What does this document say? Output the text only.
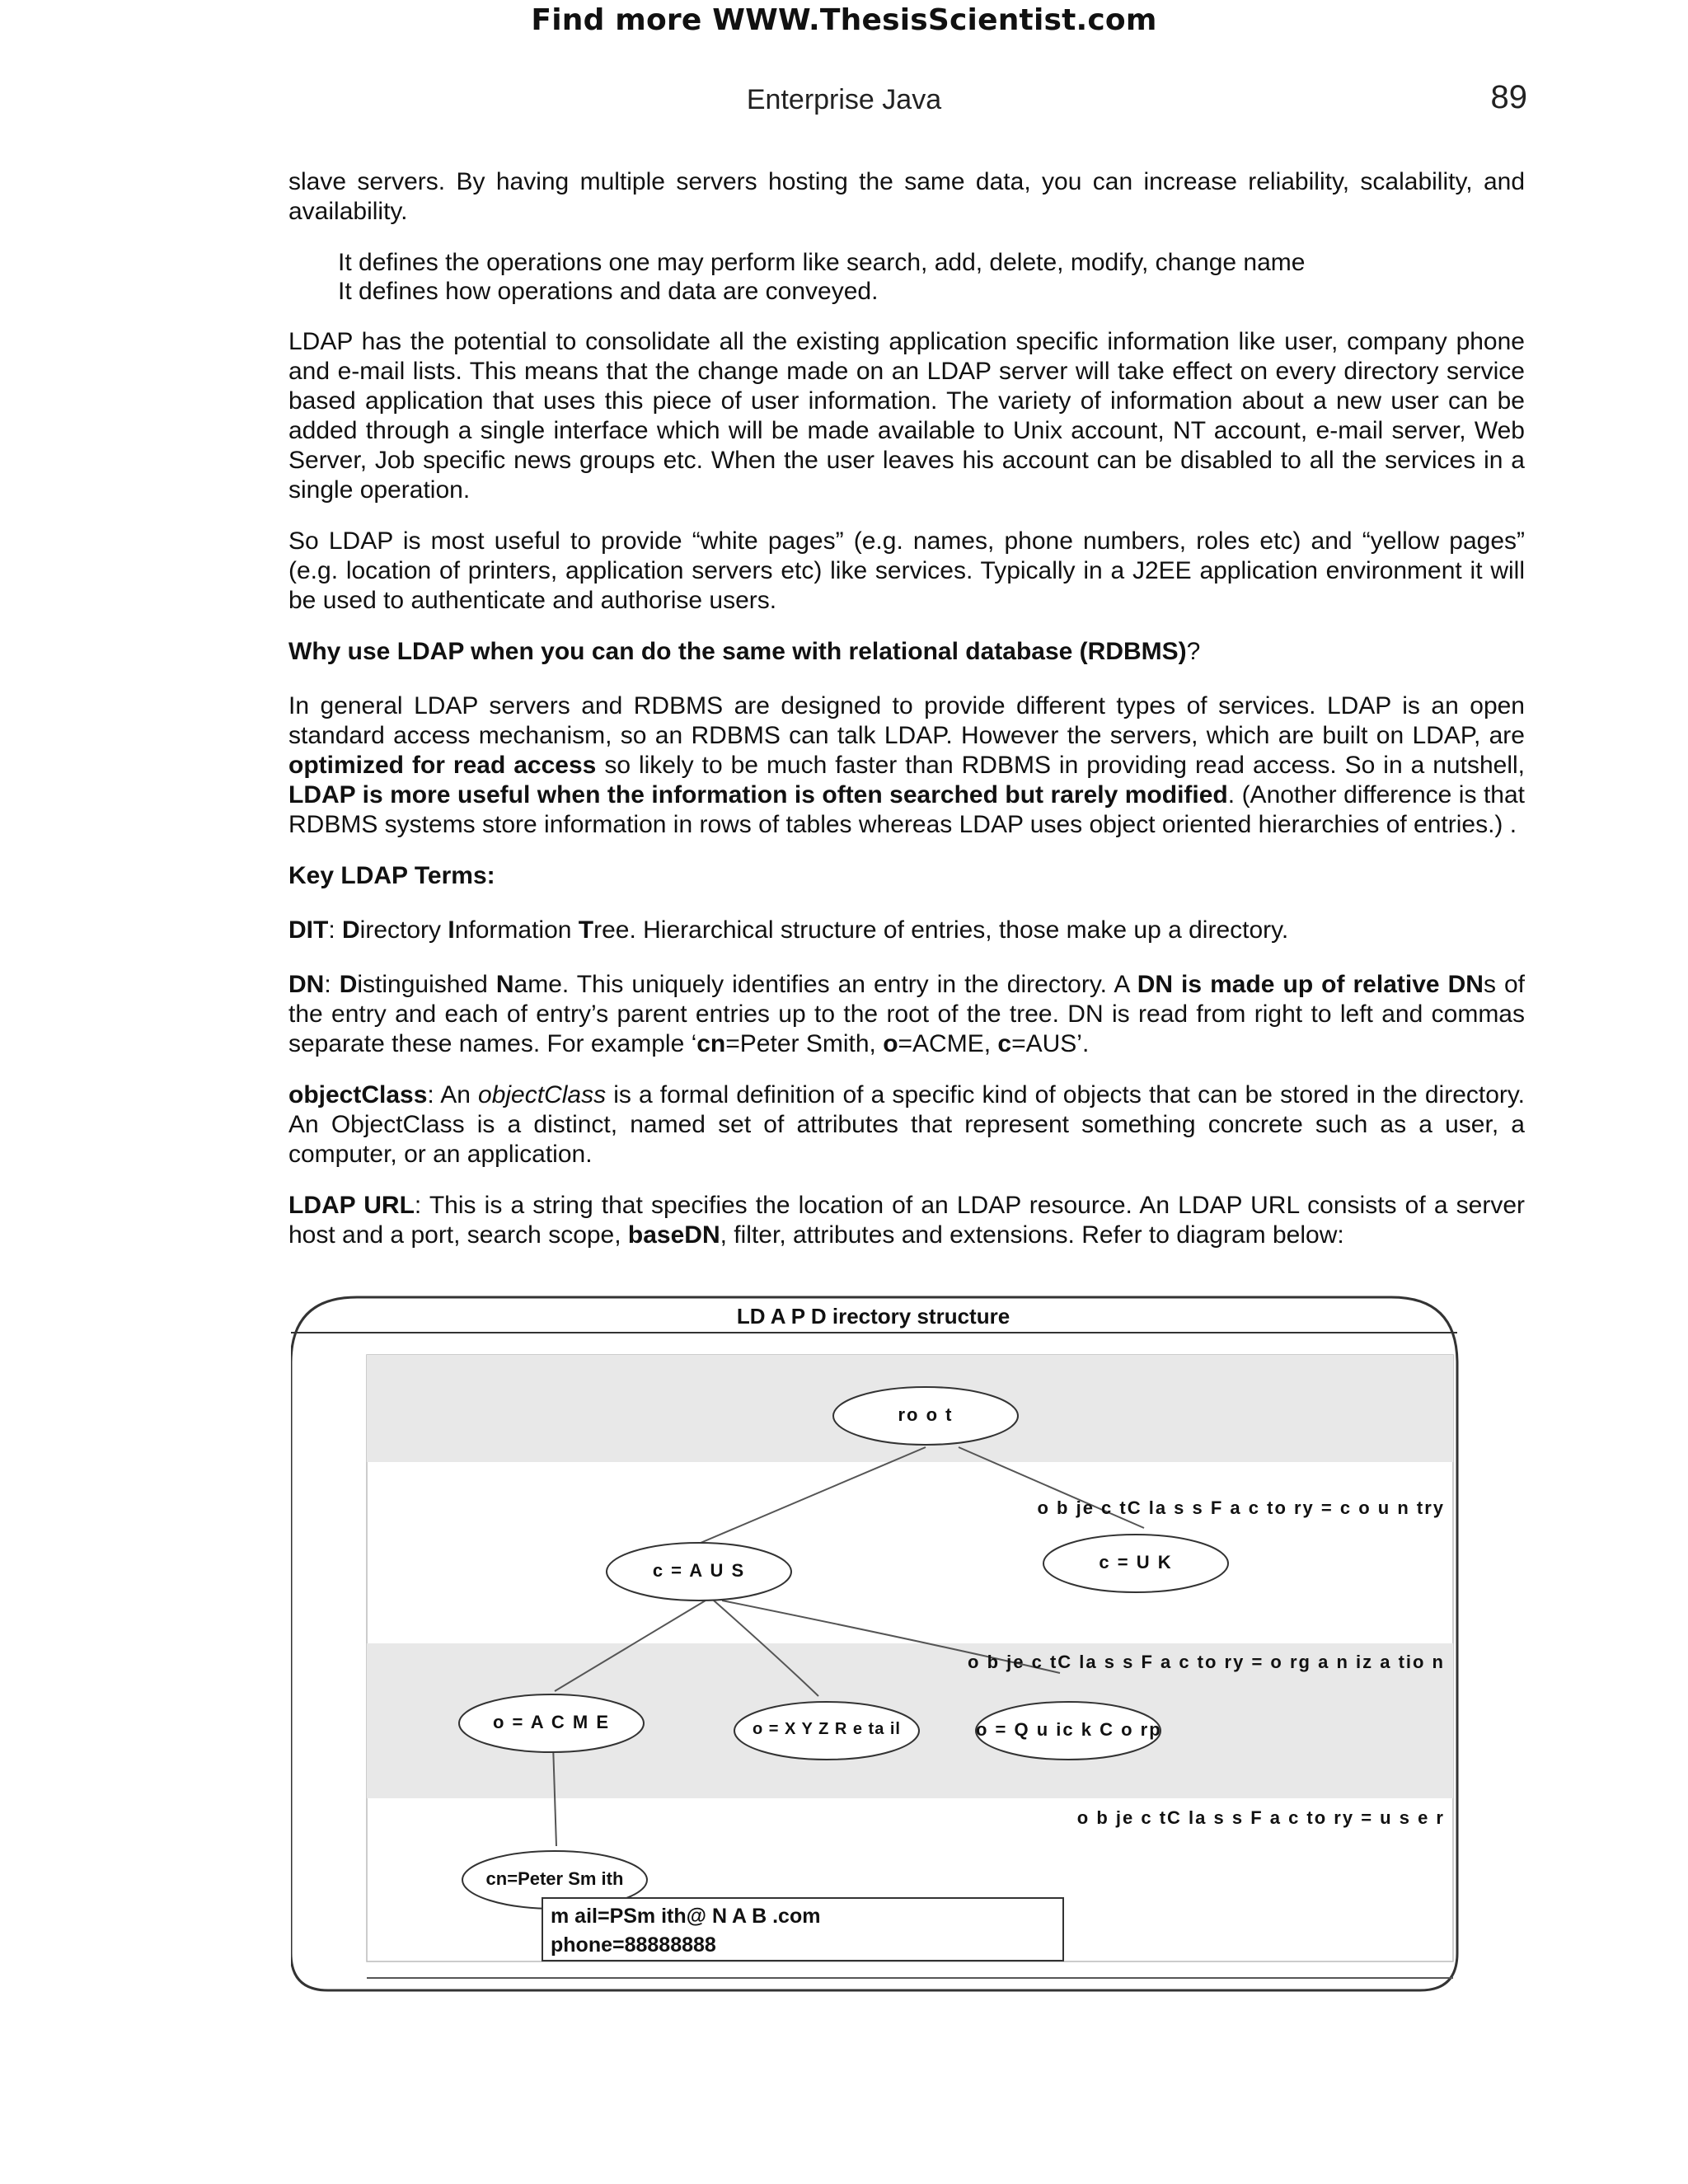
Find more WWW.ThesisScientist.com
Enterprise Java	89

slave servers. By having multiple servers hosting the same data, you can increase reliability, scalability, and availability.

It defines the operations one may perform like search, add, delete, modify, change name
It defines how operations and data are conveyed.

LDAP has the potential to consolidate all the existing application specific information like user, company phone and e-mail lists. This means that the change made on an LDAP server will take effect on every directory service based application that uses this piece of user information. The variety of information about a new user can be added through a single interface which will be made available to Unix account, NT account, e-mail server, Web Server, Job specific news groups etc. When the user leaves his account can be disabled to all the services in a single operation.

So LDAP is most useful to provide “white pages” (e.g. names, phone numbers, roles etc) and “yellow pages” (e.g. location of printers, application servers etc) like services. Typically in a J2EE application environment it will be used to authenticate and authorise users.

Why use LDAP when you can do the same with relational database (RDBMS)?

In general LDAP servers and RDBMS are designed to provide different types of services. LDAP is an open standard access mechanism, so an RDBMS can talk LDAP. However the servers, which are built on LDAP, are optimized for read access so likely to be much faster than RDBMS in providing read access. So in a nutshell, LDAP is more useful when the information is often searched but rarely modified. (Another difference is that RDBMS systems store information in rows of tables whereas LDAP uses object oriented hierarchies of entries.) .

Key LDAP Terms:

DIT: Directory Information Tree. Hierarchical structure of entries, those make up a directory.

DN: Distinguished Name. This uniquely identifies an entry in the directory. A DN is made up of relative DNs of the entry and each of entry’s parent entries up to the root of the tree. DN is read from right to left and commas separate these names. For example ‘cn=Peter Smith, o=ACME, c=AUS’.

objectClass: An objectClass is a formal definition of a specific kind of objects that can be stored in the directory. An ObjectClass is a distinct, named set of attributes that represent something concrete such as a user, a computer, or an application.

LDAP URL: This is a string that specifies the location of an LDAP resource. An LDAP URL consists of a server host and a port, search scope, baseDN, filter, attributes and extensions. Refer to diagram below:

LD A P D irectory structure
o b je c tC la s s F a c to ry = c o u n try
o b je c tC la s s F a c to ry = o rg a n iz a tio n
o b je c tC la s s F a c to ry = u s e r
ro o t
c = A U S	c = U K
o = A C M E	o = X Y Z R e ta il	o = Q u ic k C o rp
cn=Peter Sm ith
m ail=PSm ith@ N A B .com
phone=88888888
